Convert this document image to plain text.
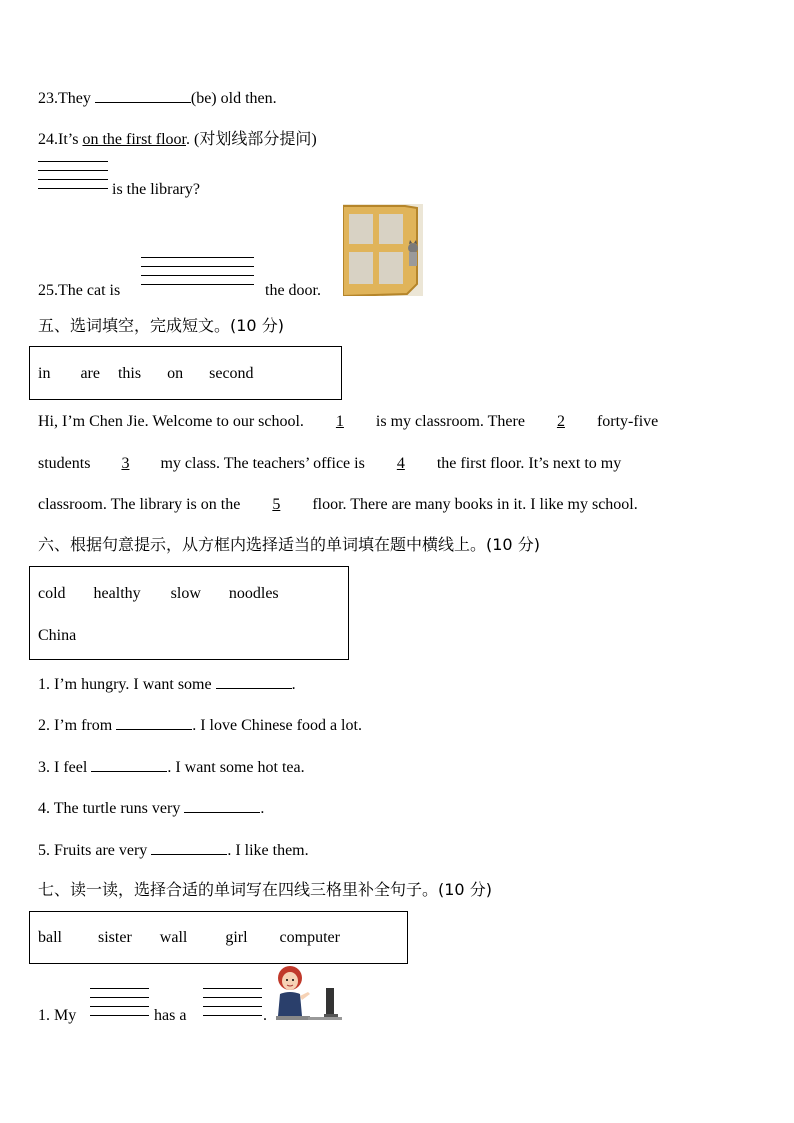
23.They	(be) old then.
24.It’s on the first floor. (对划线部分提问)
is the library?
25.The cat is	the door.
五、选词填空，完成短文。(10 分)
in are this on second
Hi, I’m Chen Jie. Welcome to our school. 1 is my classroom. There 2 forty-five
students 3 my class. The teachers’ office is 4 the first floor. It’s next to my
classroom. The library is on the 5 floor. There are many books in it. I like my school.
六、根据句意提示，从方框内选择适当的单词填在题中横线上。(10 分)
cold healthy slow noodles
China
1. I’m hungry. I want some	.
2. I’m from	. I love Chinese food a lot.
3. I feel	. I want some hot tea.
4. The turtle runs very	.
5. Fruits are very	. I like them.
七、读一读，选择合适的单词写在四线三格里补全句子。(10 分)
ball sister wall girl computer
1. My	has a	.
